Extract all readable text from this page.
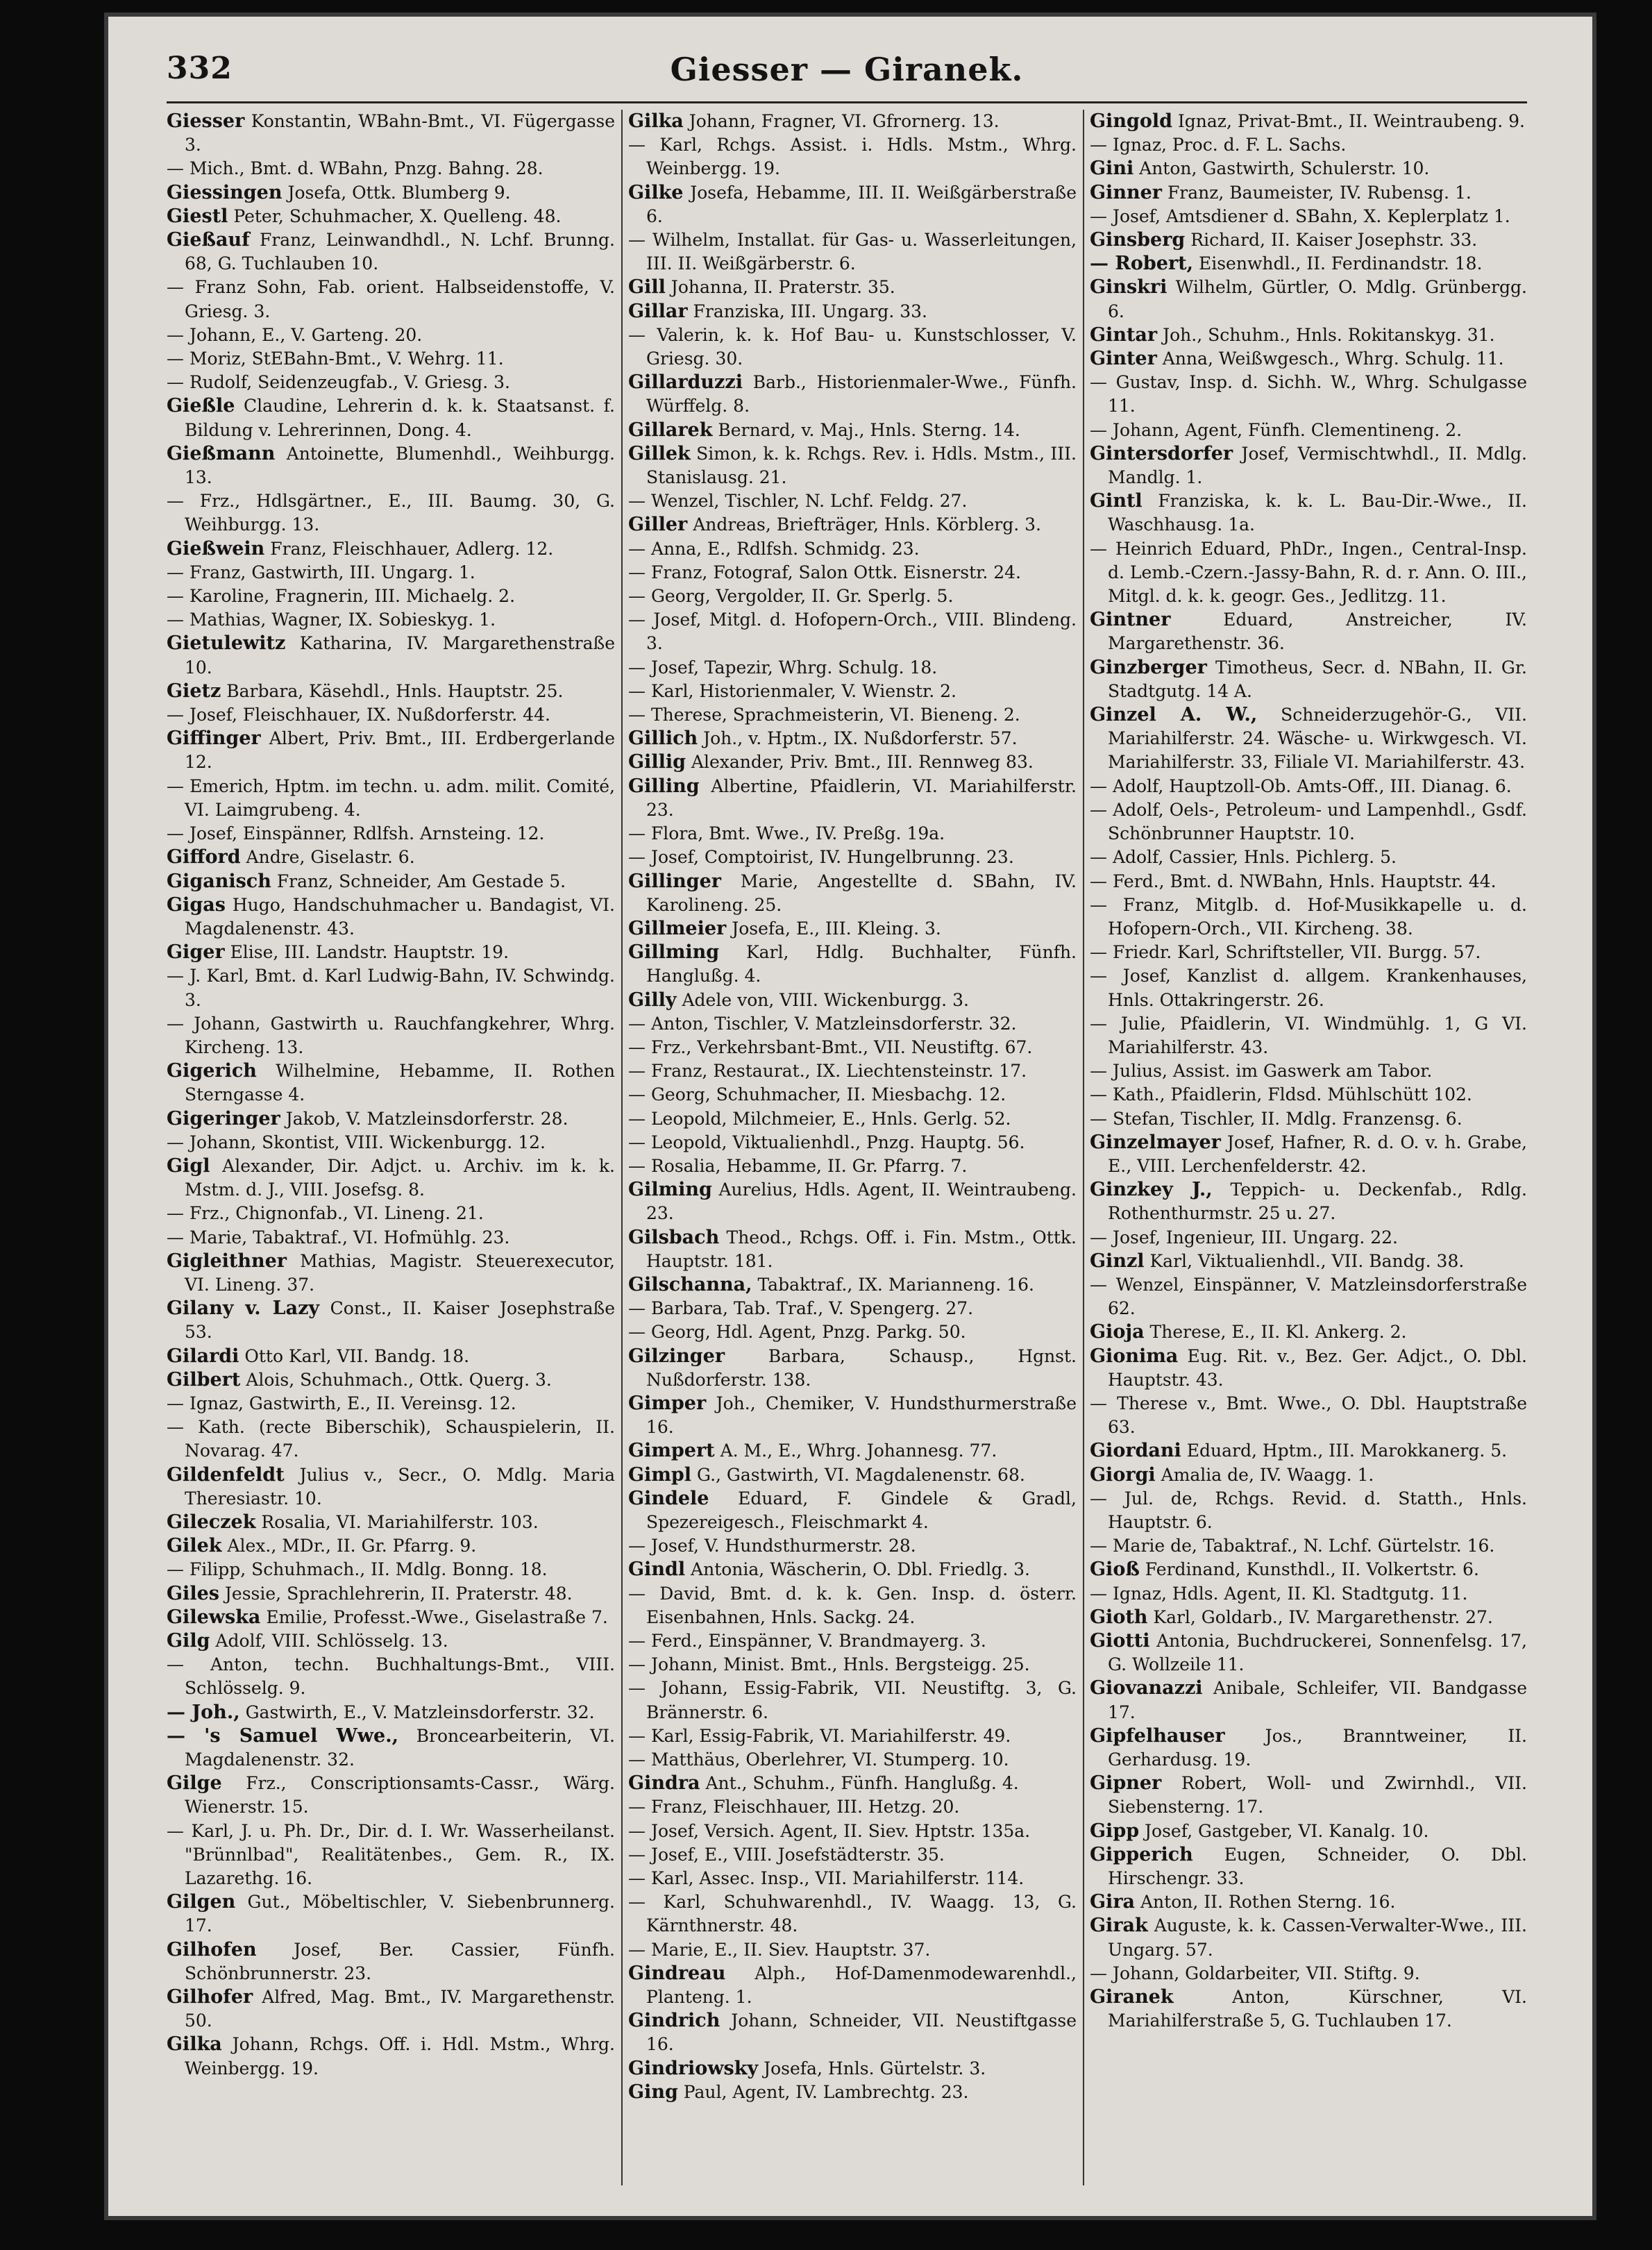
332	Giesser — Giranek.
Giesser Konstantin, WBahn-Bmt., VI. Fügergasse 3.
— Mich., Bmt. d. WBahn, Pnzg. Bahng. 28.
Giessingen Josefa, Ottk. Blumberg 9.
Giestl Peter, Schuhmacher, X. Quelleng. 48.
Gießauf Franz, Leinwandhdl., N. Lchf. Brunng. 68, G. Tuchlauben 10.
— Franz Sohn, Fab. orient. Halbseidenstoffe, V. Griesg. 3.
— Johann, E., V. Garteng. 20.
— Moriz, StEBahn-Bmt., V. Wehrg. 11.
— Rudolf, Seidenzeugfab., V. Griesg. 3.
Gießle Claudine, Lehrerin d. k. k. Staatsanst. f. Bildung v. Lehrerinnen, Dong. 4.
Gießmann Antoinette, Blumenhdl., Weihburgg. 13.
— Frz., Hdlsgärtner., E., III. Baumg. 30, G. Weihburgg. 13.
Gießwein Franz, Fleischhauer, Adlerg. 12.
— Franz, Gastwirth, III. Ungarg. 1.
— Karoline, Fragnerin, III. Michaelg. 2.
— Mathias, Wagner, IX. Sobieskyg. 1.
Gietulewitz Katharina, IV. Margarethenstraße 10.
Gietz Barbara, Käsehdl., Hnls. Hauptstr. 25.
— Josef, Fleischhauer, IX. Nußdorferstr. 44.
Giffinger Albert, Priv. Bmt., III. Erdbergerlande 12.
— Emerich, Hptm. im techn. u. adm. milit. Comité, VI. Laimgrubeng. 4.
— Josef, Einspänner, Rdlfsh. Arnsteing. 12.
Gifford Andre, Giselastr. 6.
Giganisch Franz, Schneider, Am Gestade 5.
Gigas Hugo, Handschuhmacher u. Bandagist, VI. Magdalenenstr. 43.
Giger Elise, III. Landstr. Hauptstr. 19.
— J. Karl, Bmt. d. Karl Ludwig-Bahn, IV. Schwindg. 3.
— Johann, Gastwirth u. Rauchfangkehrer, Whrg. Kircheng. 13.
Gigerich Wilhelmine, Hebamme, II. Rothen Sterngasse 4.
Gigeringer Jakob, V. Matzleinsdorferstr. 28.
— Johann, Skontist, VIII. Wickenburgg. 12.
Gigl Alexander, Dir. Adjct. u. Archiv. im k. k. Mstm. d. J., VIII. Josefsg. 8.
— Frz., Chignonfab., VI. Lineng. 21.
— Marie, Tabaktraf., VI. Hofmühlg. 23.
Gigleithner Mathias, Magistr. Steuerexecutor, VI. Lineng. 37.
Gilany v. Lazy Const., II. Kaiser Josephstraße 53.
Gilardi Otto Karl, VII. Bandg. 18.
Gilbert Alois, Schuhmach., Ottk. Querg. 3.
— Ignaz, Gastwirth, E., II. Vereinsg. 12.
— Kath. (recte Biberschik), Schauspielerin, II. Novarag. 47.
Gildenfeldt Julius v., Secr., O. Mdlg. Maria Theresiastr. 10.
Gileczek Rosalia, VI. Mariahilferstr. 103.
Gilek Alex., MDr., II. Gr. Pfarrg. 9.
— Filipp, Schuhmach., II. Mdlg. Bonng. 18.
Giles Jessie, Sprachlehrerin, II. Praterstr. 48.
Gilewska Emilie, Professt.-Wwe., Giselastraße 7.
Gilg Adolf, VIII. Schlösselg. 13.
— Anton, techn. Buchhaltungs-Bmt., VIII. Schlösselg. 9.
— Joh., Gastwirth, E., V. Matzleinsdorferstr. 32.
— 's Samuel Wwe., Broncearbeiterin, VI. Magdalenenstr. 32.
Gilge Frz., Conscriptionsamts-Cassr., Wärg. Wienerstr. 15.
— Karl, J. u. Ph. Dr., Dir. d. I. Wr. Wasserheilanst. "Brünnlbad", Realitätenbes., Gem. R., IX. Lazarethg. 16.
Gilgen Gut., Möbeltischler, V. Siebenbrunnerg. 17.
Gilhofen Josef, Ber. Cassier, Fünfh. Schönbrunnerstr. 23.
Gilhofer Alfred, Mag. Bmt., IV. Margarethenstr. 50.
Gilka Johann, Rchgs. Off. i. Hdl. Mstm., Whrg. Weinbergg. 19.
Gilka Johann, Fragner, VI. Gfrornerg. 13.
— Karl, Rchgs. Assist. i. Hdls. Mstm., Whrg. Weinbergg. 19.
Gilke Josefa, Hebamme, III. II. Weißgärberstraße 6.
— Wilhelm, Installat. für Gas- u. Wasserleitungen, III. II. Weißgärberstr. 6.
Gill Johanna, II. Praterstr. 35.
Gillar Franziska, III. Ungarg. 33.
— Valerin, k. k. Hof Bau- u. Kunstschlosser, V. Griesg. 30.
Gillarduzzi Barb., Historienmaler-Wwe., Fünfh. Würffelg. 8.
Gillarek Bernard, v. Maj., Hnls. Sterng. 14.
Gillek Simon, k. k. Rchgs. Rev. i. Hdls. Mstm., III. Stanislausg. 21.
— Wenzel, Tischler, N. Lchf. Feldg. 27.
Giller Andreas, Briefträger, Hnls. Körblerg. 3.
— Anna, E., Rdlfsh. Schmidg. 23.
— Franz, Fotograf, Salon Ottk. Eisnerstr. 24.
— Georg, Vergolder, II. Gr. Sperlg. 5.
— Josef, Mitgl. d. Hofopern-Orch., VIII. Blindeng. 3.
— Josef, Tapezir, Whrg. Schulg. 18.
— Karl, Historienmaler, V. Wienstr. 2.
— Therese, Sprachmeisterin, VI. Bieneng. 2.
Gillich Joh., v. Hptm., IX. Nußdorferstr. 57.
Gillig Alexander, Priv. Bmt., III. Rennweg 83.
Gilling Albertine, Pfaidlerin, VI. Mariahilferstr. 23.
— Flora, Bmt. Wwe., IV. Preßg. 19a.
— Josef, Comptoirist, IV. Hungelbrunng. 23.
Gillinger Marie, Angestellte d. SBahn, IV. Karolineng. 25.
Gillmeier Josefa, E., III. Kleing. 3.
Gillming Karl, Hdlg. Buchhalter, Fünfh. Hanglußg. 4.
Gilly Adele von, VIII. Wickenburgg. 3.
— Anton, Tischler, V. Matzleinsdorferstr. 32.
— Frz., Verkehrsbant-Bmt., VII. Neustiftg. 67.
— Franz, Restaurat., IX. Liechtensteinstr. 17.
— Georg, Schuhmacher, II. Miesbachg. 12.
— Leopold, Milchmeier, E., Hnls. Gerlg. 52.
— Leopold, Viktualienhdl., Pnzg. Hauptg. 56.
— Rosalia, Hebamme, II. Gr. Pfarrg. 7.
Gilming Aurelius, Hdls. Agent, II. Weintraubeng. 23.
Gilsbach Theod., Rchgs. Off. i. Fin. Mstm., Ottk. Hauptstr. 181.
Gilschanna, Tabaktraf., IX. Marianneng. 16.
— Barbara, Tab. Traf., V. Spengerg. 27.
— Georg, Hdl. Agent, Pnzg. Parkg. 50.
Gilzinger	Barbara, Schausp., Hgnst. Nußdorferstr. 138.
Gimper Joh., Chemiker, V. Hundsthurmerstraße 16.
Gimpert A. M., E., Whrg. Johannesg. 77.
Gimpl G., Gastwirth, VI. Magdalenenstr. 68.
Gindele Eduard, F. Gindele & Gradl, Spezereigesch., Fleischmarkt 4.
— Josef, V. Hundsthurmerstr. 28.
Gindl Antonia, Wäscherin, O. Dbl. Friedlg. 3.
— David, Bmt. d. k. k. Gen. Insp. d. österr. Eisenbahnen, Hnls. Sackg. 24.
— Ferd., Einspänner, V. Brandmayerg. 3.
— Johann, Minist. Bmt., Hnls. Bergsteigg. 25.
— Johann, Essig-Fabrik, VII. Neustiftg. 3, G. Brännerstr. 6.
— Karl, Essig-Fabrik, VI. Mariahilferstr. 49.
— Matthäus, Oberlehrer, VI. Stumperg. 10.
Gindra Ant., Schuhm., Fünfh. Hanglußg. 4.
— Franz, Fleischhauer, III. Hetzg. 20.
— Josef, Versich. Agent, II. Siev. Hptstr. 135a.
— Josef, E., VIII. Josefstädterstr. 35.
— Karl, Assec. Insp., VII. Mariahilferstr. 114.
— Karl, Schuhwarenhdl., IV. Waagg. 13, G. Kärnthnerstr. 48.
— Marie, E., II. Siev. Hauptstr. 37.
Gindreau Alph., Hof-Damenmodewarenhdl., Planteng. 1.
Gindrich Johann, Schneider, VII. Neustiftgasse 16.
Gindriowsky Josefa, Hnls. Gürtelstr. 3.
Ging Paul, Agent, IV. Lambrechtg. 23.
Gingold Ignaz, Privat-Bmt., II. Weintraubeng. 9.
— Ignaz, Proc. d. F. L. Sachs.
Gini Anton, Gastwirth, Schulerstr. 10.
Ginner Franz, Baumeister, IV. Rubensg. 1.
— Josef, Amtsdiener d. SBahn, X. Keplerplatz 1.
Ginsberg Richard, II. Kaiser Josephstr. 33.
— Robert, Eisenwhdl., II. Ferdinandstr. 18.
Ginskri Wilhelm, Gürtler, O. Mdlg. Grünbergg. 6.
Gintar Joh., Schuhm., Hnls. Rokitanskyg. 31.
Ginter Anna, Weißwgesch., Whrg. Schulg. 11.
— Gustav, Insp. d. Sichh. W., Whrg. Schulgasse 11.
— Johann, Agent, Fünfh. Clementineng. 2.
Gintersdorfer Josef, Vermischtwhdl., II. Mdlg. Mandlg. 1.
Gintl Franziska, k. k. L. Bau-Dir.-Wwe., II. Waschhausg. 1a.
— Heinrich Eduard, PhDr., Ingen., Central-Insp. d. Lemb.-Czern.-Jassy-Bahn, R. d. r. Ann. O. III., Mitgl. d. k. k. geogr. Ges., Jedlitzg. 11.
Gintner	Eduard, Anstreicher, IV. Margarethenstr. 36.
Ginzberger Timotheus, Secr. d. NBahn, II. Gr. Stadtgutg. 14 A.
Ginzel A. W., Schneiderzugehör-G., VII. Mariahilferstr. 24. Wäsche- u. Wirkwgesch. VI. Mariahilferstr. 33, Filiale VI. Mariahilferstr. 43.
— Adolf, Hauptzoll-Ob. Amts-Off., III. Dianag. 6.
— Adolf, Oels-, Petroleum- und Lampenhdl., Gsdf. Schönbrunner Hauptstr. 10.
— Adolf, Cassier, Hnls. Pichlerg. 5.
— Ferd., Bmt. d. NWBahn, Hnls. Hauptstr. 44.
— Franz, Mitglb. d. Hof-Musikkapelle u. d. Hofopern-Orch., VII. Kircheng. 38.
— Friedr. Karl, Schriftsteller, VII. Burgg. 57.
— Josef, Kanzlist d. allgem. Krankenhauses, Hnls. Ottakringerstr. 26.
— Julie, Pfaidlerin, VI. Windmühlg. 1, G VI. Mariahilferstr. 43.
— Julius, Assist. im Gaswerk am Tabor.
— Kath., Pfaidlerin, Fldsd. Mühlschütt 102.
— Stefan, Tischler, II. Mdlg. Franzensg. 6.
Ginzelmayer Josef, Hafner, R. d. O. v. h. Grabe, E., VIII. Lerchenfelderstr. 42.
Ginzkey J., Teppich- u. Deckenfab., Rdlg. Rothenthurmstr. 25 u. 27.
— Josef, Ingenieur, III. Ungarg. 22.
Ginzl Karl, Viktualienhdl., VII. Bandg. 38.
— Wenzel, Einspänner, V. Matzleinsdorferstraße 62.
Gioja Therese, E., II. Kl. Ankerg. 2.
Gionima Eug. Rit. v., Bez. Ger. Adjct., O. Dbl. Hauptstr. 43.
— Therese v., Bmt. Wwe., O. Dbl. Hauptstraße 63.
Giordani Eduard, Hptm., III. Marokkanerg. 5.
Giorgi Amalia de, IV. Waagg. 1.
— Jul. de, Rchgs. Revid. d. Statth., Hnls. Hauptstr. 6.
— Marie de, Tabaktraf., N. Lchf. Gürtelstr. 16.
Gioß Ferdinand, Kunsthdl., II. Volkertstr. 6.
— Ignaz, Hdls. Agent, II. Kl. Stadtgutg. 11.
Gioth Karl, Goldarb., IV. Margarethenstr. 27.
Giotti Antonia, Buchdruckerei, Sonnenfelsg. 17, G. Wollzeile 11.
Giovanazzi Anibale, Schleifer, VII. Bandgasse 17.
Gipfelhauser Jos., Branntweiner, II. Gerhardusg. 19.
Gipner Robert, Woll- und Zwirnhdl., VII. Siebensterng. 17.
Gipp Josef, Gastgeber, VI. Kanalg. 10.
Gipperich Eugen, Schneider, O. Dbl. Hirschengr. 33.
Gira Anton, II. Rothen Sterng. 16.
Girak Auguste, k. k. Cassen-Verwalter-Wwe., III. Ungarg. 57.
— Johann, Goldarbeiter, VII. Stiftg. 9.
Giranek	Anton, Kürschner, VI. Mariahilferstraße 5, G. Tuchlauben 17.
